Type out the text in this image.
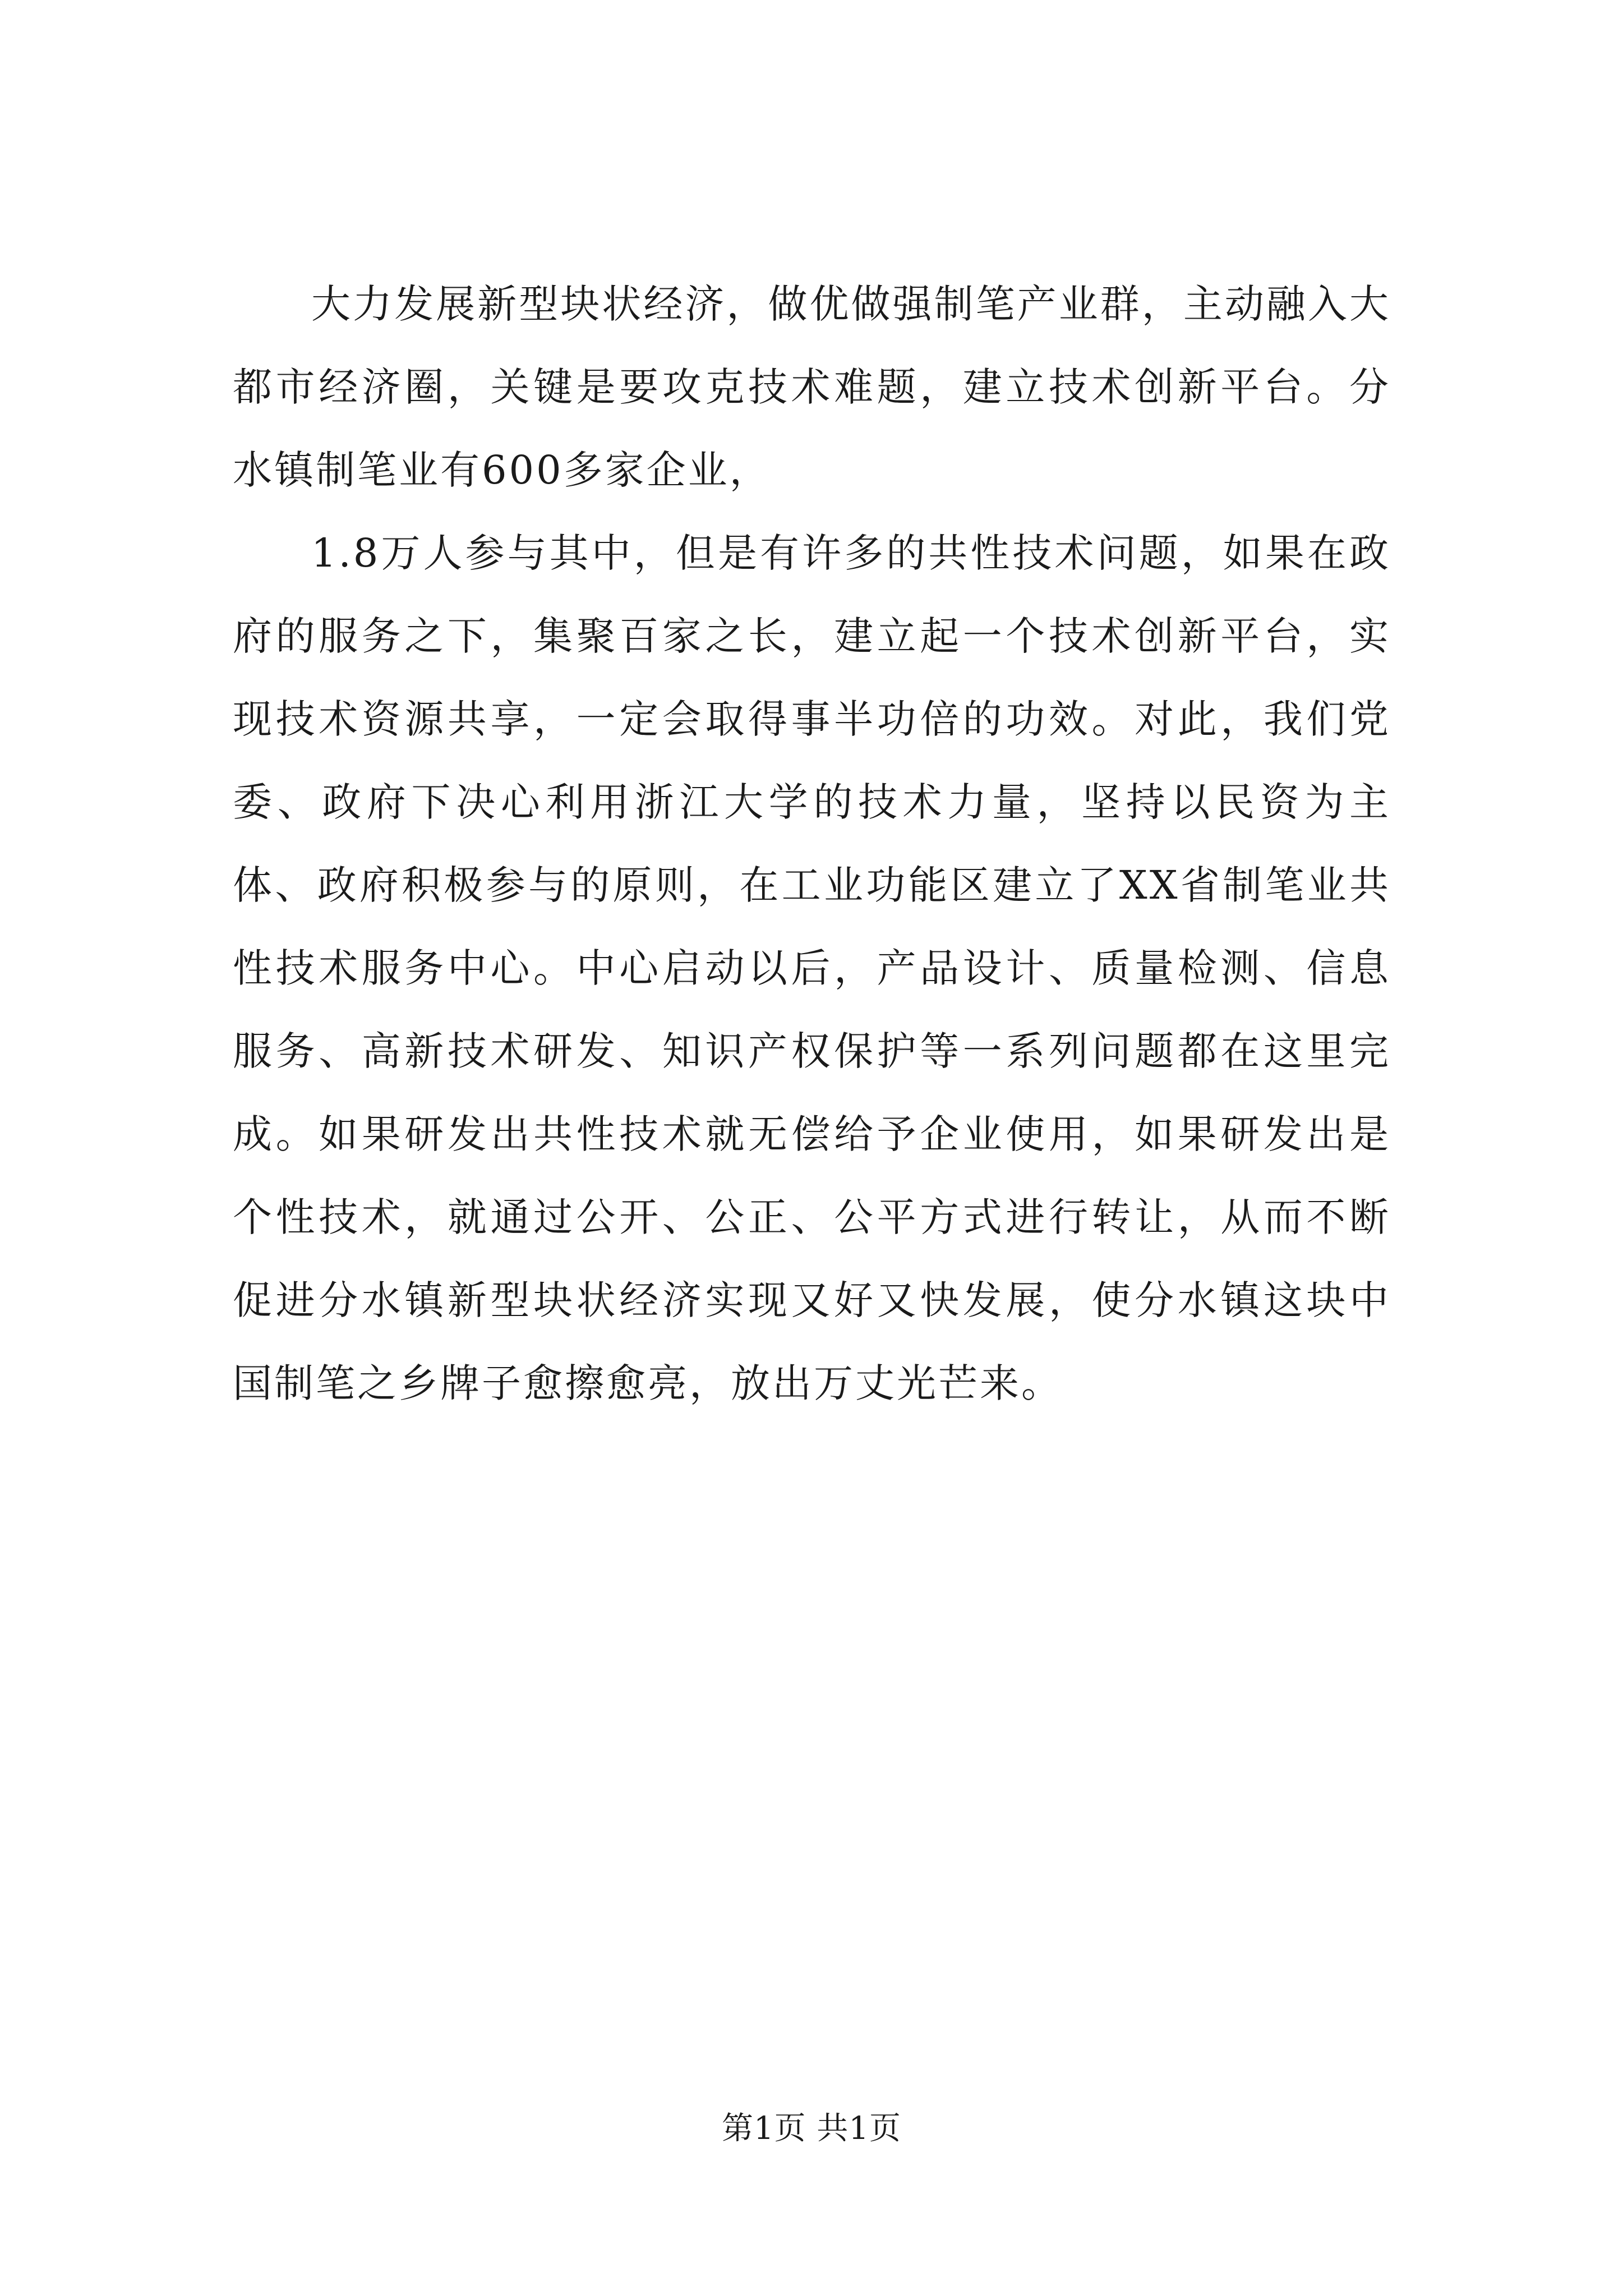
大力发展新型块状经济，做优做强制笔产业群，主动融入大都市经济圈，关键是要攻克技术难题，建立技术创新平台。分水镇制笔业有600多家企业，

1.8万人参与其中，但是有许多的共性技术问题，如果在政府的服务之下，集聚百家之长，建立起一个技术创新平台，实现技术资源共享，一定会取得事半功倍的功效。对此，我们党委、政府下决心利用浙江大学的技术力量，坚持以民资为主体、政府积极参与的原则，在工业功能区建立了XX省制笔业共性技术服务中心。中心启动以后，产品设计、质量检测、信息服务、高新技术研发、知识产权保护等一系列问题都在这里完成。如果研发出共性技术就无偿给予企业使用，如果研发出是个性技术，就通过公开、公正、公平方式进行转让，从而不断促进分水镇新型块状经济实现又好又快发展，使分水镇这块中国制笔之乡牌子愈擦愈亮，放出万丈光芒来。

第1页 共1页
